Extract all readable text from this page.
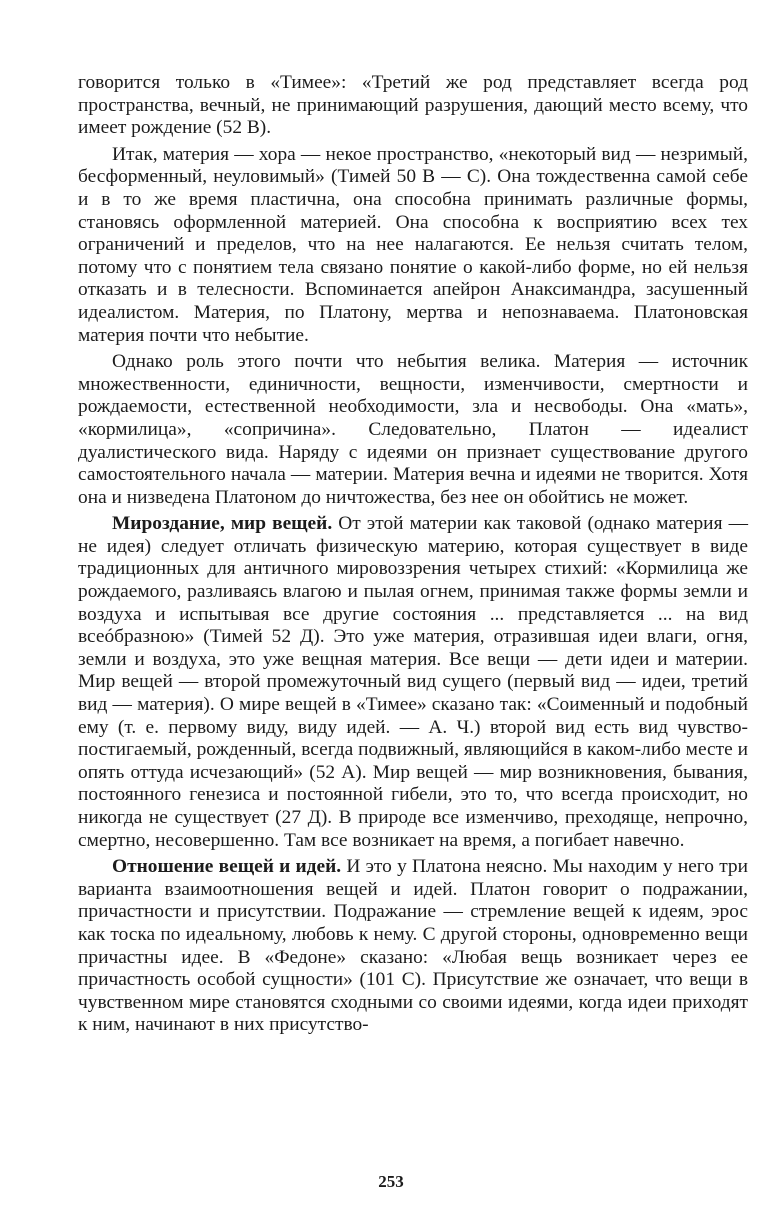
говорится только в «Тимее»: «Третий же род представляет всегда род пространства, вечный, не принимающий разрушения, дающий место всему, что имеет рождение (52 В).

Итак, материя — хора — некое пространство, «некоторый вид — незримый, бесформенный, неуловимый» (Тимей 50 В — С). Она тождественна самой себе и в то же время пластична, она способна принимать различные формы, становясь оформленной материей. Она способна к восприятию всех тех ограничений и пределов, что на нее налагаются. Ее нельзя считать телом, потому что с понятием тела связано понятие о какой-либо форме, но ей нельзя отказать и в телесности. Вспоминается апейрон Анаксимандра, засушенный идеалистом. Материя, по Платону, мертва и непознаваема. Платоновская материя почти что небытие.

Однако роль этого почти что небытия велика. Материя — источник множественности, единичности, вещности, изменчивости, смертности и рождаемости, естественной необходимости, зла и несвободы. Она «мать», «кормилица», «сопричина». Следовательно, Платон — идеалист дуалистического вида. Наряду с идеями он признает существование другого самостоятельного начала — материи. Материя вечна и идеями не творится. Хотя она и низведена Платоном до ничтожества, без нее он обойтись не может.

Мироздание, мир вещей. От этой материи как таковой (однако материя — не идея) следует отличать физическую материю, которая существует в виде традиционных для античного мировоззрения четырех стихий: «Кормилица же рождаемого, разливаясь влагою и пылая огнем, принимая также формы земли и воздуха и испытывая все другие состояния ... представляется ... на вид всеóбразною» (Тимей 52 Д). Это уже материя, отразившая идеи влаги, огня, земли и воздуха, это уже вещная материя. Все вещи — дети идеи и материи. Мир вещей — второй промежуточный вид сущего (первый вид — идеи, третий вид — материя). О мире вещей в «Тимее» сказано так: «Соименный и подобный ему (т. е. первому виду, виду идей. — А. Ч.) второй вид есть вид чувство-постигаемый, рожденный, всегда подвижный, являющийся в каком-либо месте и опять оттуда исчезающий» (52 А). Мир вещей — мир возникновения, бывания, постоянного генезиса и постоянной гибели, это то, что всегда происходит, но никогда не существует (27 Д). В природе все изменчиво, преходяще, непрочно, смертно, несовершенно. Там все возникает на время, а погибает навечно.

Отношение вещей и идей. И это у Платона неясно. Мы находим у него три варианта взаимоотношения вещей и идей. Платон говорит о подражании, причастности и присутствии. Подражание — стремление вещей к идеям, эрос как тоска по идеальному, любовь к нему. С другой стороны, одновременно вещи причастны идее. В «Федоне» сказано: «Любая вещь возникает через ее причастность особой сущности» (101 С). Присутствие же означает, что вещи в чувственном мире становятся сходными со своими идеями, когда идеи приходят к ним, начинают в них присутство-

253
